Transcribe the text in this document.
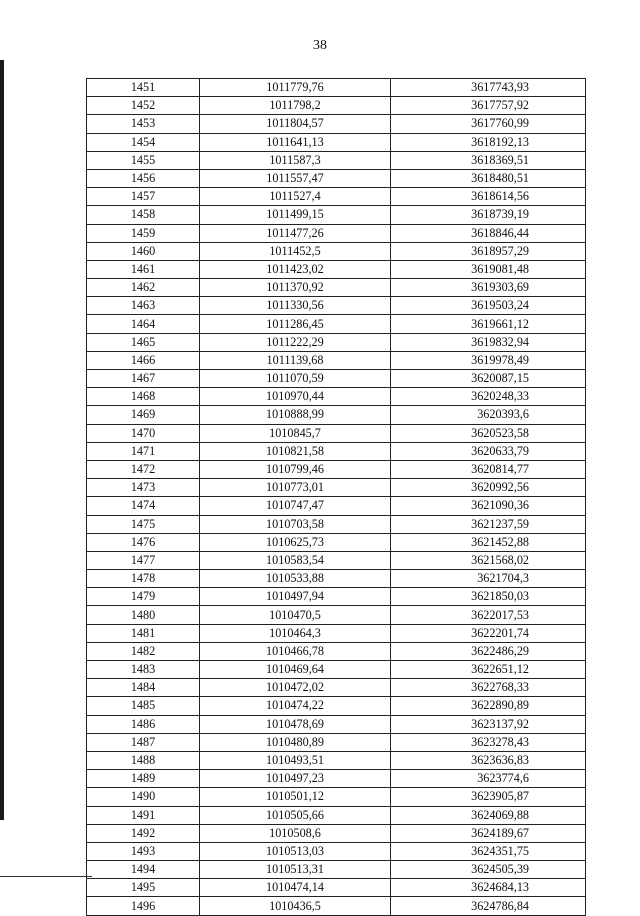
38
1451	1011779,76	3617743,93
1452	1011798,2	3617757,92
1453	1011804,57	3617760,99
1454	1011641,13	3618192,13
1455	1011587,3	3618369,51
1456	1011557,47	3618480,51
1457	1011527,4	3618614,56
1458	1011499,15	3618739,19
1459	1011477,26	3618846,44
1460	1011452,5	3618957,29
1461	1011423,02	3619081,48
1462	1011370,92	3619303,69
1463	1011330,56	3619503,24
1464	1011286,45	3619661,12
1465	1011222,29	3619832,94
1466	1011139,68	3619978,49
1467	1011070,59	3620087,15
1468	1010970,44	3620248,33
1469	1010888,99	3620393,6
1470	1010845,7	3620523,58
1471	1010821,58	3620633,79
1472	1010799,46	3620814,77
1473	1010773,01	3620992,56
1474	1010747,47	3621090,36
1475	1010703,58	3621237,59
1476	1010625,73	3621452,88
1477	1010583,54	3621568,02
1478	1010533,88	3621704,3
1479	1010497,94	3621850,03
1480	1010470,5	3622017,53
1481	1010464,3	3622201,74
1482	1010466,78	3622486,29
1483	1010469,64	3622651,12
1484	1010472,02	3622768,33
1485	1010474,22	3622890,89
1486	1010478,69	3623137,92
1487	1010480,89	3623278,43
1488	1010493,51	3623636,83
1489	1010497,23	3623774,6
1490	1010501,12	3623905,87
1491	1010505,66	3624069,88
1492	1010508,6	3624189,67
1493	1010513,03	3624351,75
1494	1010513,31	3624505,39
1495	1010474,14	3624684,13
1496	1010436,5	3624786,84
